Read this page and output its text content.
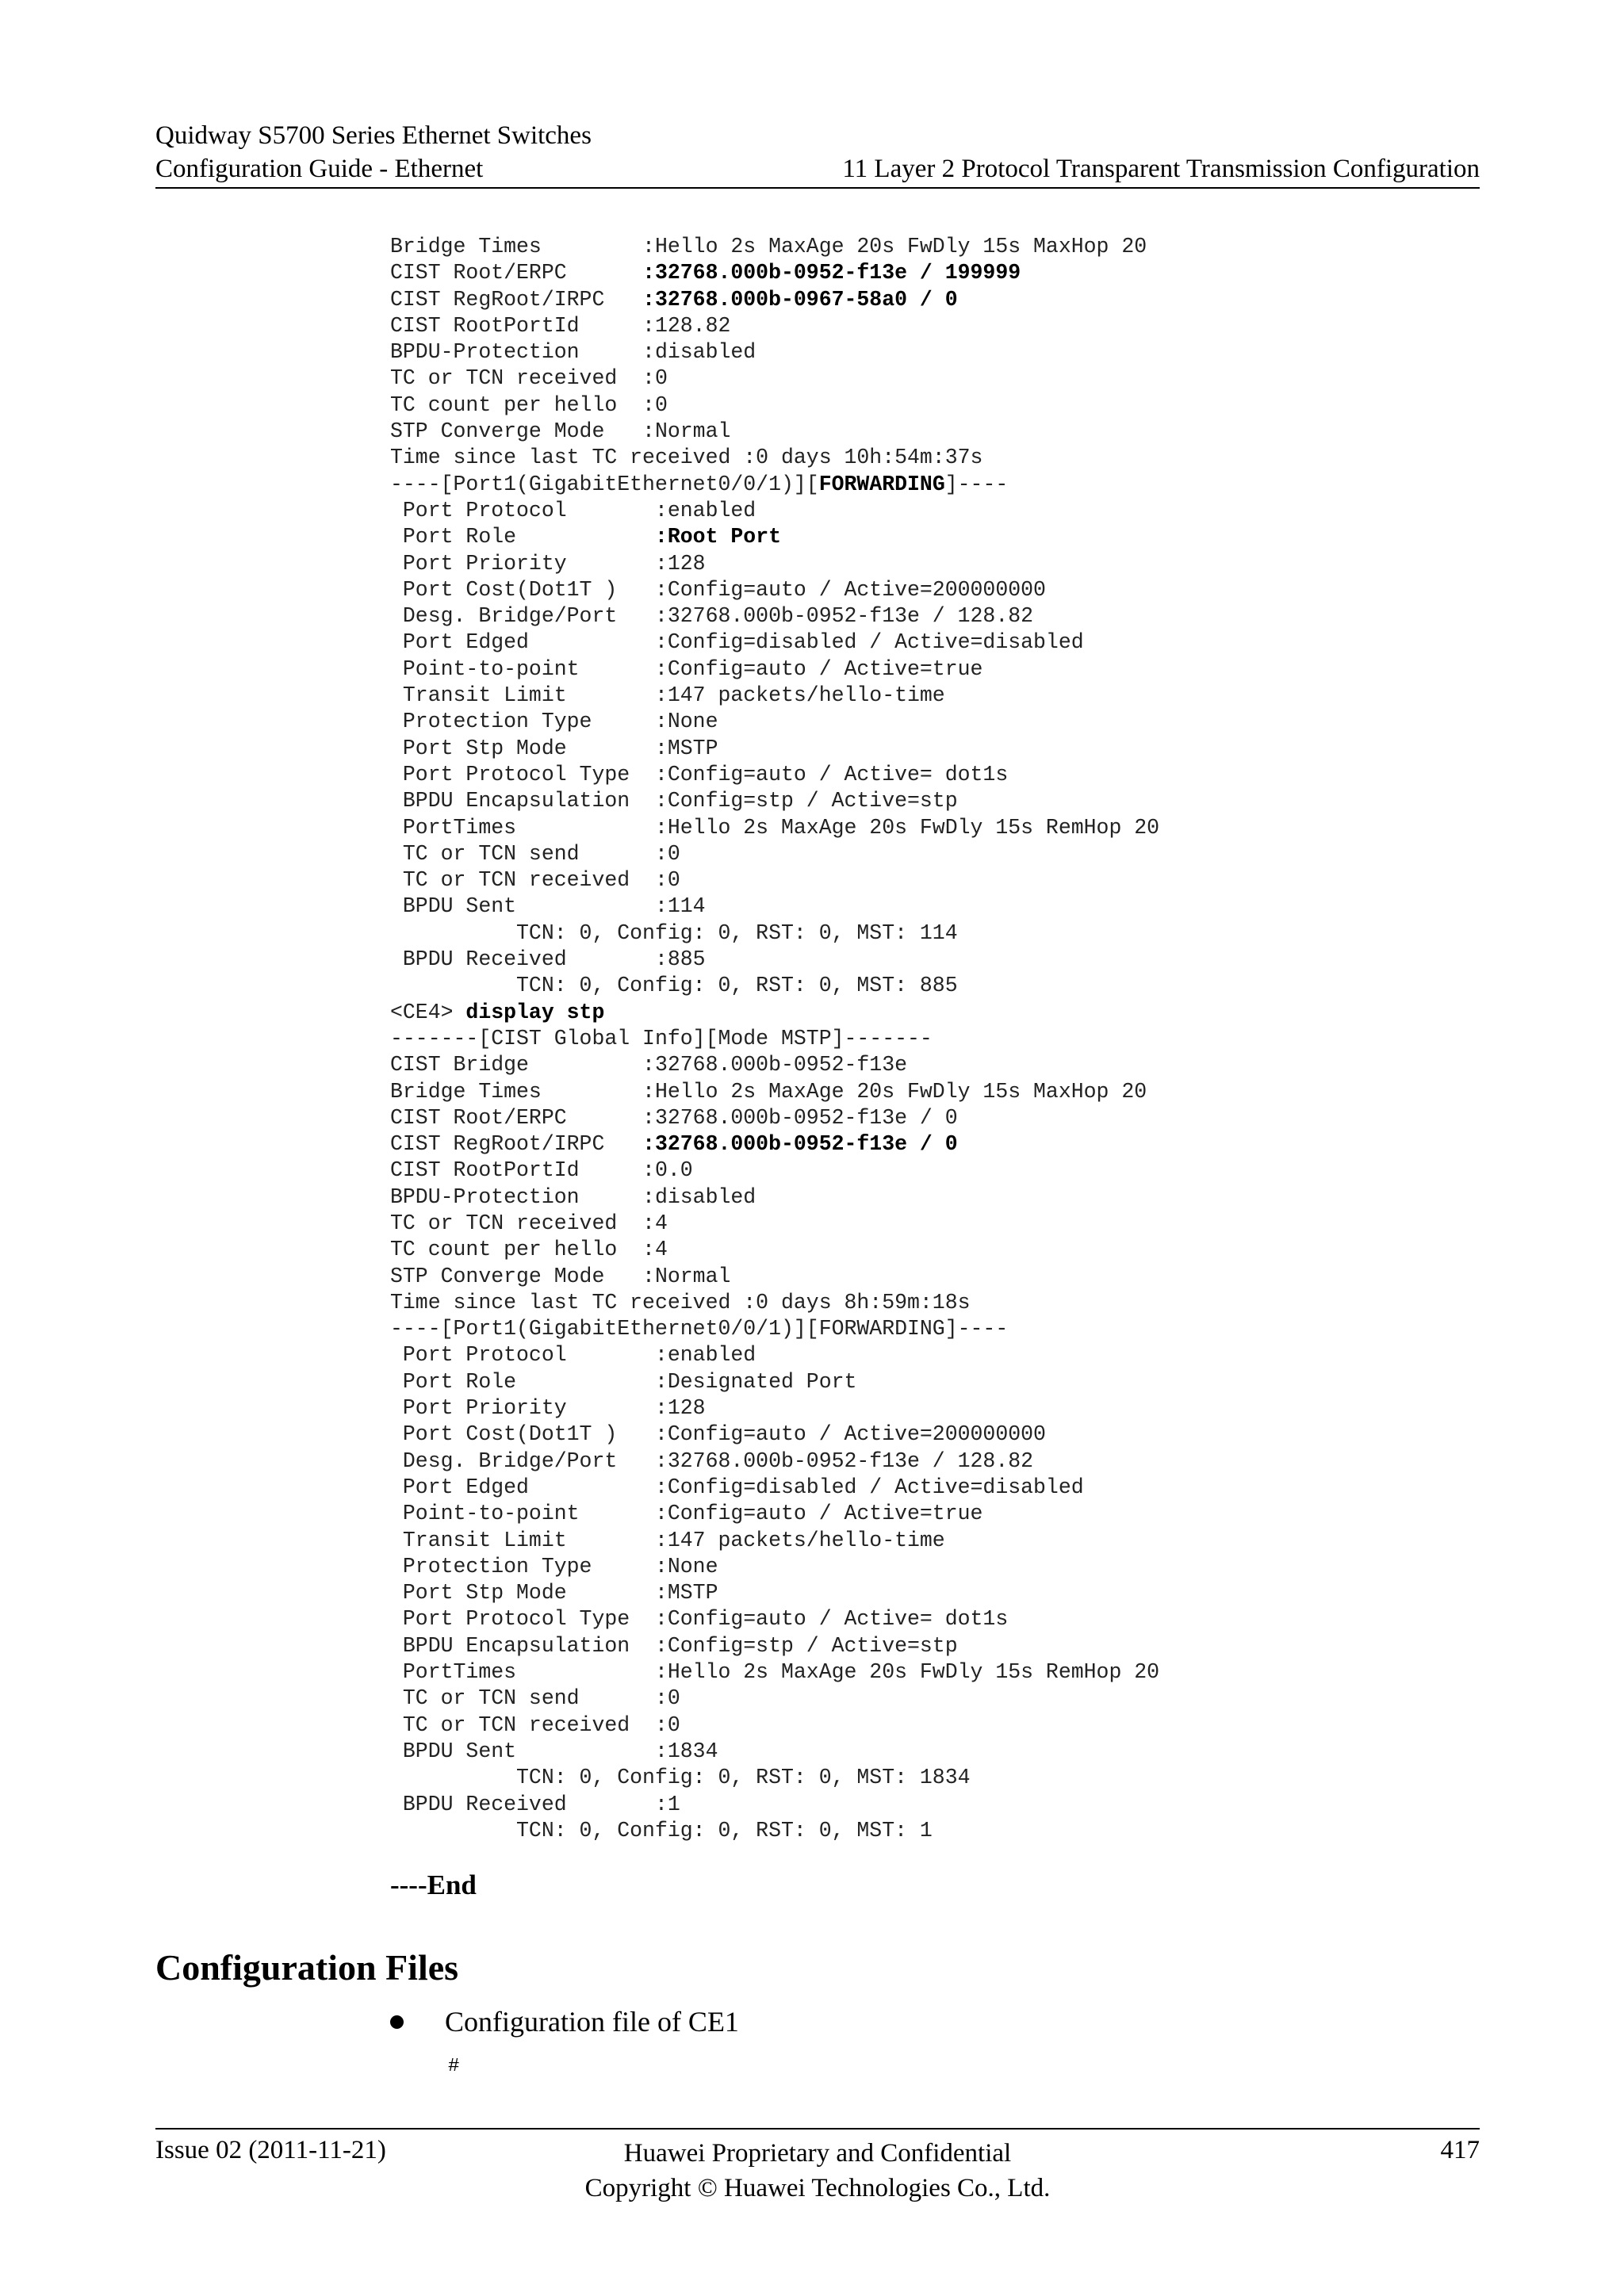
Quidway S5700 Series Ethernet Switches
Configuration Guide - Ethernet	11 Layer 2 Protocol Transparent Transmission Configuration
Bridge Times        :Hello 2s MaxAge 20s FwDly 15s MaxHop 20
CIST Root/ERPC      :32768.000b-0952-f13e / 199999
CIST RegRoot/IRPC   :32768.000b-0967-58a0 / 0
CIST RootPortId     :128.82
BPDU-Protection     :disabled
TC or TCN received  :0
TC count per hello  :0
STP Converge Mode   :Normal
Time since last TC received :0 days 10h:54m:37s
----[Port1(GigabitEthernet0/0/1)][FORWARDING]----
Port Protocol       :enabled
Port Role           :Root Port
Port Priority       :128
Port Cost(Dot1T )   :Config=auto / Active=200000000
Desg. Bridge/Port   :32768.000b-0952-f13e / 128.82
Port Edged          :Config=disabled / Active=disabled
Point-to-point      :Config=auto / Active=true
Transit Limit       :147 packets/hello-time
Protection Type     :None
Port Stp Mode       :MSTP
Port Protocol Type  :Config=auto / Active= dot1s
BPDU Encapsulation  :Config=stp / Active=stp
PortTimes           :Hello 2s MaxAge 20s FwDly 15s RemHop 20
TC or TCN send      :0
TC or TCN received  :0
BPDU Sent           :114
TCN: 0, Config: 0, RST: 0, MST: 114
BPDU Received       :885
TCN: 0, Config: 0, RST: 0, MST: 885
<CE4> display stp
-------[CIST Global Info][Mode MSTP]-------
CIST Bridge         :32768.000b-0952-f13e
Bridge Times        :Hello 2s MaxAge 20s FwDly 15s MaxHop 20
CIST Root/ERPC      :32768.000b-0952-f13e / 0
CIST RegRoot/IRPC   :32768.000b-0952-f13e / 0
CIST RootPortId     :0.0
BPDU-Protection     :disabled
TC or TCN received  :4
TC count per hello  :4
STP Converge Mode   :Normal
Time since last TC received :0 days 8h:59m:18s
----[Port1(GigabitEthernet0/0/1)][FORWARDING]----
Port Protocol       :enabled
Port Role           :Designated Port
Port Priority       :128
Port Cost(Dot1T )   :Config=auto / Active=200000000
Desg. Bridge/Port   :32768.000b-0952-f13e / 128.82
Port Edged          :Config=disabled / Active=disabled
Point-to-point      :Config=auto / Active=true
Transit Limit       :147 packets/hello-time
Protection Type     :None
Port Stp Mode       :MSTP
Port Protocol Type  :Config=auto / Active= dot1s
BPDU Encapsulation  :Config=stp / Active=stp
PortTimes           :Hello 2s MaxAge 20s FwDly 15s RemHop 20
TC or TCN send      :0
TC or TCN received  :0
BPDU Sent           :1834
TCN: 0, Config: 0, RST: 0, MST: 1834
BPDU Received       :1
TCN: 0, Config: 0, RST: 0, MST: 1
----End
Configuration Files
Configuration file of CE1
#
Issue 02 (2011-11-21)	Huawei Proprietary and Confidential
Copyright © Huawei Technologies Co., Ltd.
417
